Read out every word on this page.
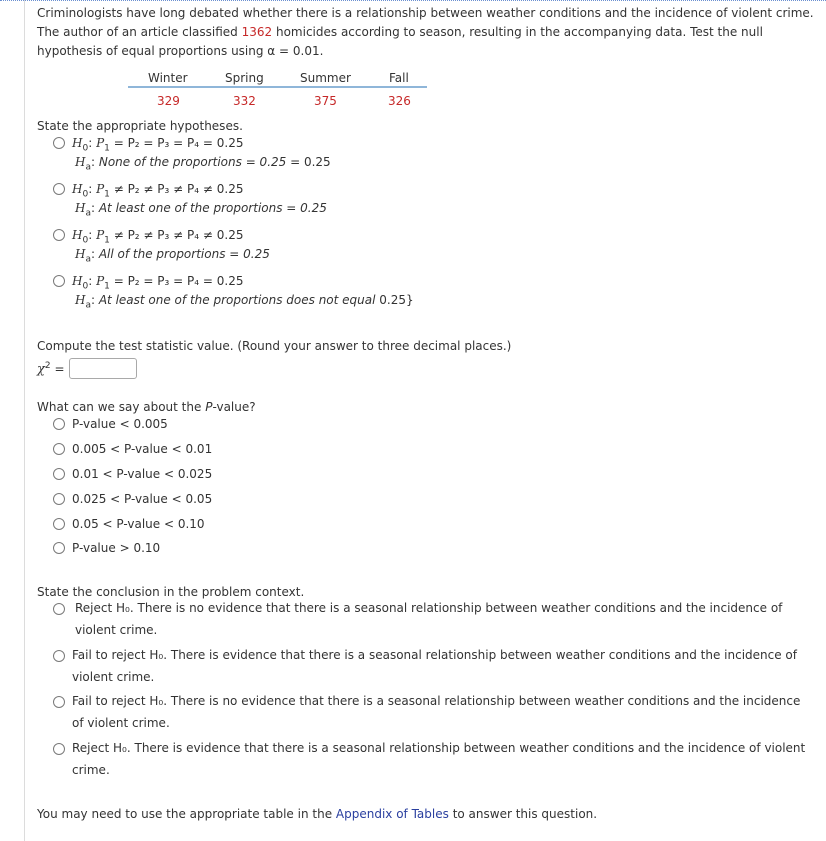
Criminologists have long debated whether there is a relationship between weather conditions and the incidence of violent crime. The author of an article classified 1362 homicides according to season, resulting in the accompanying data. Test the null hypothesis of equal proportions using α = 0.01.
Winter	Spring	Summer	Fall
329	332	375	326
State the appropriate hypotheses.
$H_0$: $P_1 = P_2 = P_3 = P_4 = 0.25$
$H_a$: None of the proportions = 0.25 = 0.25
$H_0$: $P_1 \ne P_2 \ne P_3 \ne P_4 \ne 0.25$
$H_a$: At least one of the proportions = 0.25
$H_0$: $P_1 \ne P_2 \ne P_3 \ne P_4 \ne 0.25$
$H_a$: All of the proportions = 0.25
$H_0$: $P_1 = P_2 = P_3 = P_4 = 0.25$
$H_a$: At least one of the proportions does not equal 0.25}
Compute the test statistic value. (Round your answer to three decimal places.)
$\chi^2$ =
What can we say about the P-value?
P-value < 0.005
0.005 < P-value < 0.01
0.01 < P-value < 0.025
0.025 < P-value < 0.05
0.05 < P-value < 0.10
P-value > 0.10
State the conclusion in the problem context.
Reject H₀. There is no evidence that there is a seasonal relationship between weather conditions and the incidence of violent crime.
Fail to reject H₀. There is evidence that there is a seasonal relationship between weather conditions and the incidence of violent crime.
Fail to reject H₀. There is no evidence that there is a seasonal relationship between weather conditions and the incidence of violent crime.
Reject H₀. There is evidence that there is a seasonal relationship between weather conditions and the incidence of violent crime.
You may need to use the appropriate table in the Appendix of Tables to answer this question.
